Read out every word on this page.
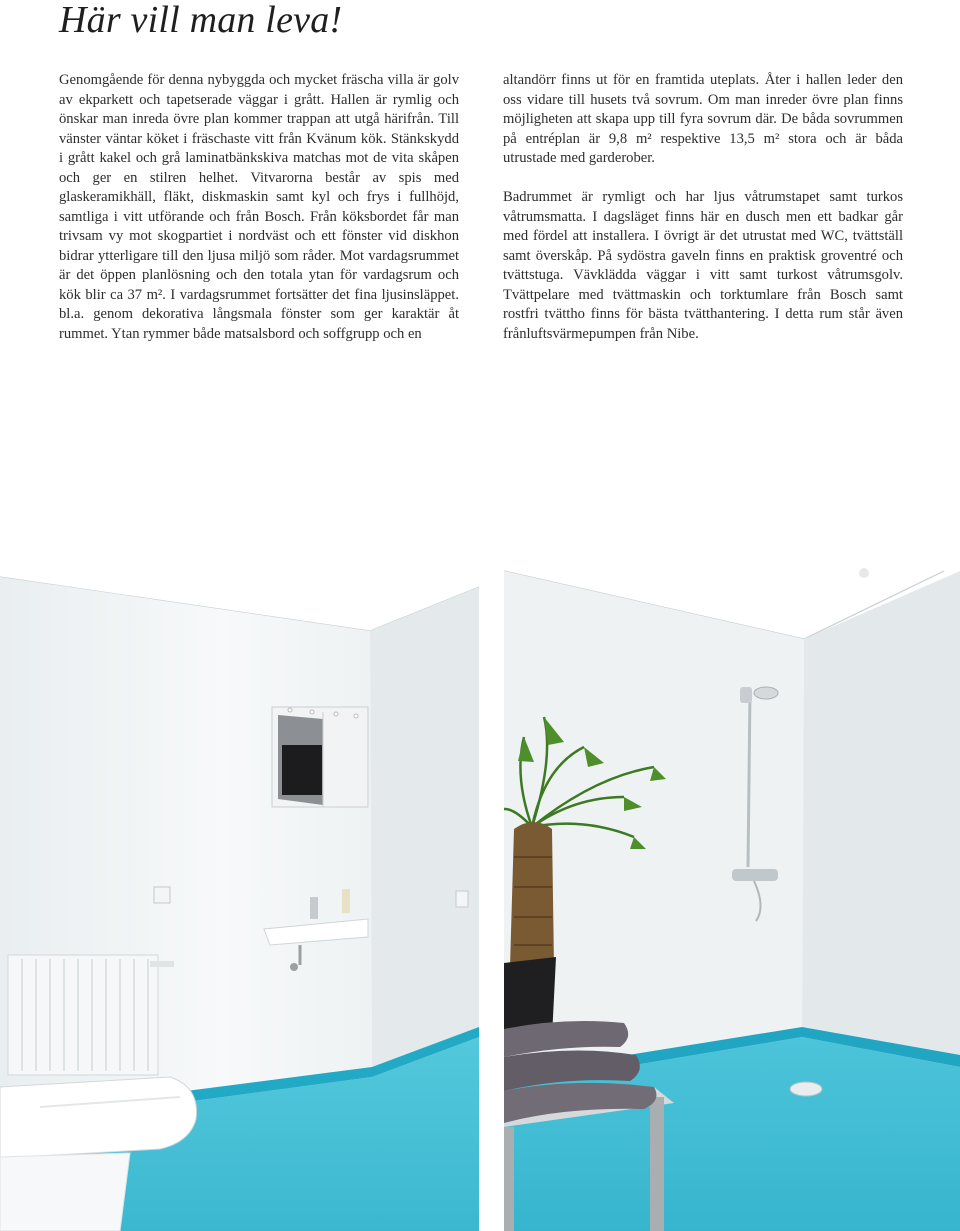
Här vill man leva!

Genomgående för denna nybyggda och mycket fräscha villa är golv av ekparkett och tapetserade väggar i grått. Hallen är rymlig och önskar man inreda övre plan kommer trappan att utgå härifrån. Till vänster väntar köket i fräschaste vitt från Kvänum kök. Stänkskydd i grått kakel och grå laminatbänkskiva matchas mot de vita skåpen och ger en stilren helhet. Vitvarorna består av spis med glaskeramikhäll, fläkt, diskmaskin samt kyl och frys i fullhöjd, samtliga i vitt utförande och från Bosch. Från köksbordet får man trivsam vy mot skogpartiet i nordväst och ett fönster vid diskhon bidrar ytterligare till den ljusa miljö som råder. Mot vardagsrummet är det öppen planlösning och den totala ytan för vardagsrum och kök blir ca 37 m². I vardagsrummet fortsätter det fina ljusinsläppet. bl.a. genom dekorativa långsmala fönster som ger karaktär åt rummet. Ytan rymmer både matsalsbord och soffgrupp och en

altandörr finns ut för en framtida uteplats. Åter i hallen leder den oss vidare till husets två sovrum. Om man inreder övre plan finns möjligheten att skapa upp till fyra sovrum där. De båda sovrummen på entréplan är 9,8 m² respektive 13,5 m² stora och är båda utrustade med garderober.

Badrummet är rymligt och har ljus våtrumstapet samt turkos våtrumsmatta. I dagsläget finns här en dusch men ett badkar går med fördel att installera. I övrigt är det utrustat med WC, tvättställ samt överskåp. På sydöstra gaveln finns en praktisk groventré och tvättstuga. Vävklädda väggar i vitt samt turkost våtrumsgolv. Tvättpelare med tvättmaskin och torktumlare från Bosch samt rostfri tvättho finns för bästa tvätthantering. I detta rum står även frånluftsvärmepumpen från Nibe.
